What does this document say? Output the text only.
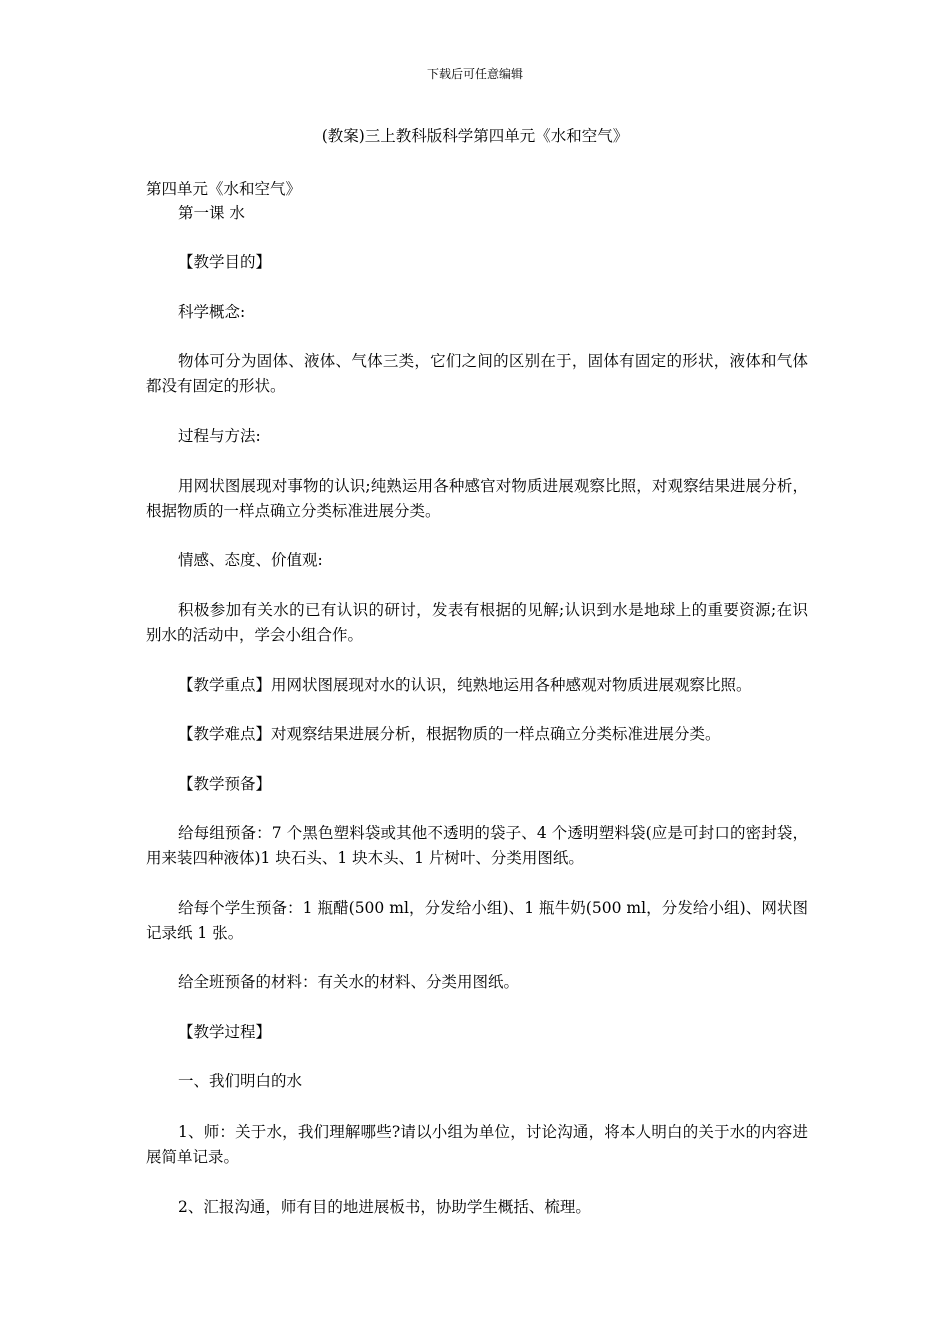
下载后可任意编辑
(教案)三上教科版科学第四单元《水和空气》

第四单元《水和空气》

第一课 水

【教学目的】

科学概念:

物体可分为固体、液体、气体三类，它们之间的区别在于，固体有固定的形状，液体和气体都没有固定的形状。

过程与方法:

用网状图展现对事物的认识;纯熟运用各种感官对物质进展观察比照，对观察结果进展分析，根据物质的一样点确立分类标准进展分类。

情感、态度、价值观:

积极参加有关水的已有认识的研讨，发表有根据的见解;认识到水是地球上的重要资源;在识别水的活动中，学会小组合作。

【教学重点】用网状图展现对水的认识，纯熟地运用各种感观对物质进展观察比照。

【教学难点】对观察结果进展分析，根据物质的一样点确立分类标准进展分类。

【教学预备】

给每组预备：7 个黑色塑料袋或其他不透明的袋子、4 个透明塑料袋(应是可封口的密封袋，用来装四种液体)1 块石头、1 块木头、1 片树叶、分类用图纸。

给每个学生预备：1 瓶醋(500 ml，分发给小组)、1 瓶牛奶(500 ml，分发给小组)、网状图记录纸 1 张。

给全班预备的材料：有关水的材料、分类用图纸。

【教学过程】

一、我们明白的水

1、师：关于水，我们理解哪些?请以小组为单位，讨论沟通，将本人明白的关于水的内容进展简单记录。

2、汇报沟通，师有目的地进展板书，协助学生概括、梳理。
